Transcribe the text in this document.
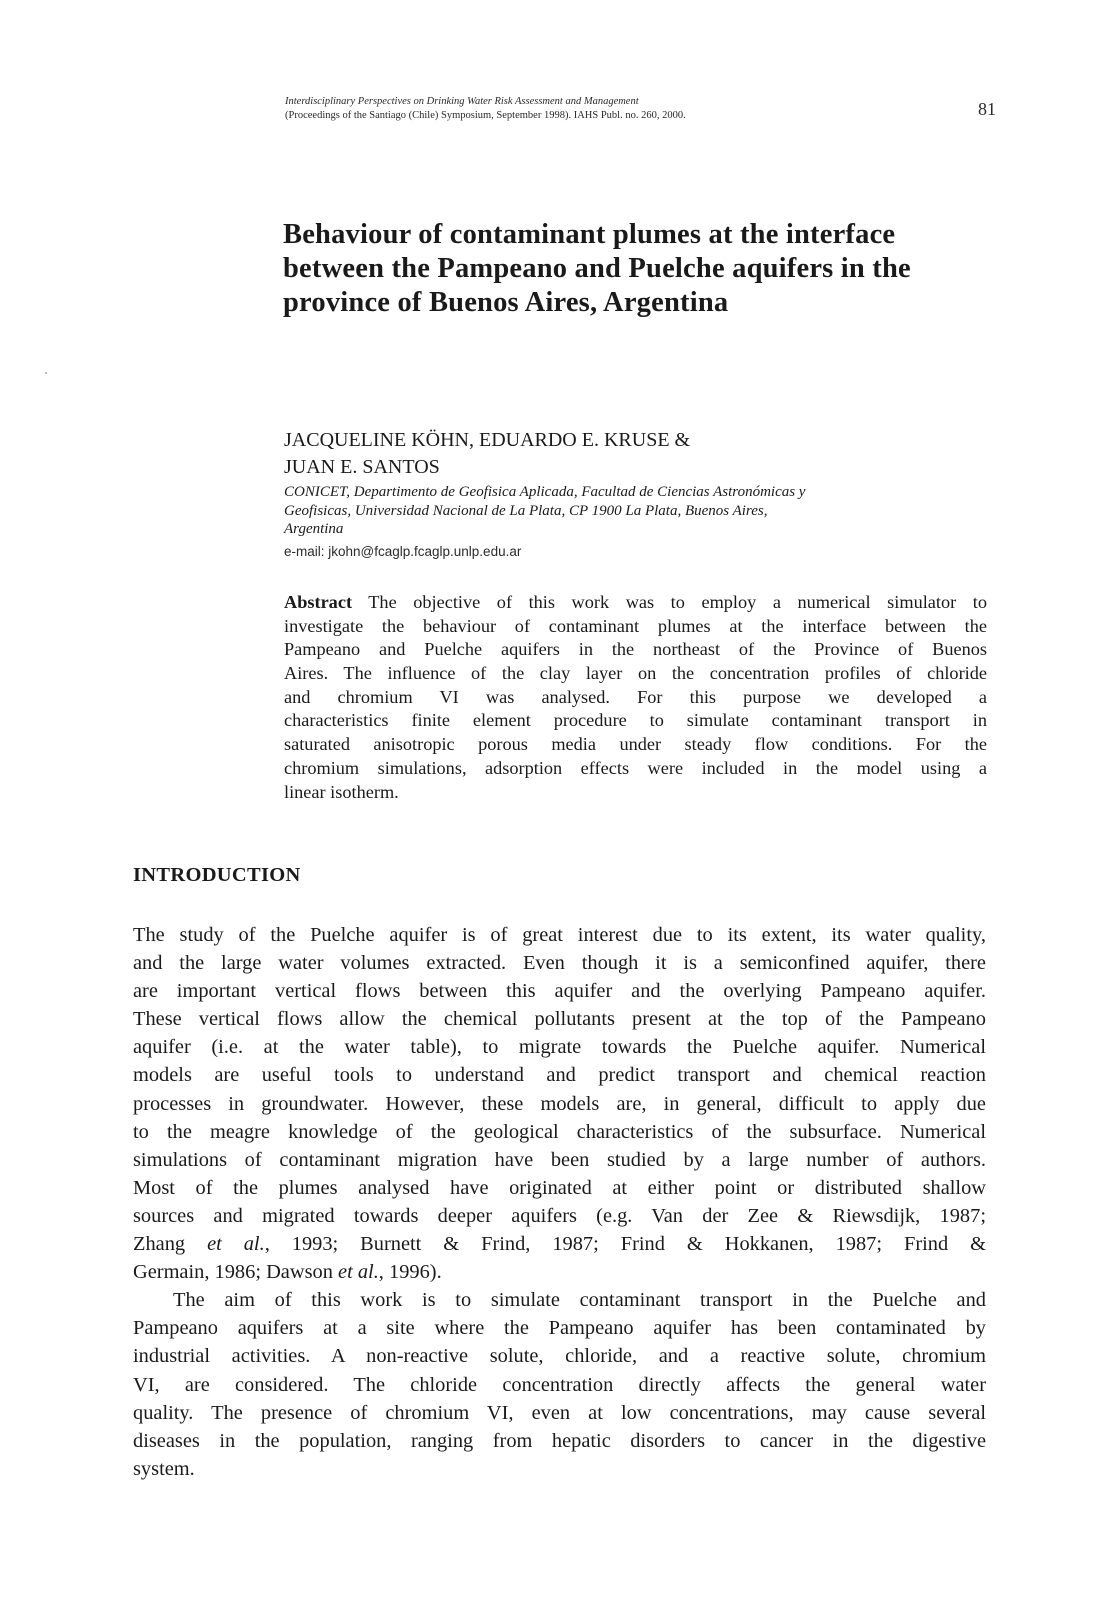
Interdisciplinary Perspectives on Drinking Water Risk Assessment and Management
(Proceedings of the Santiago (Chile) Symposium, September 1998). IAHS Publ. no. 260, 2000.	81
Behaviour of contaminant plumes at the interface
between the Pampeano and Puelche aquifers in the
province of Buenos Aires, Argentina
JACQUELINE KÖHN, EDUARDO E. KRUSE &
JUAN E. SANTOS
CONICET, Departimento de Geofisica Aplicada, Facultad de Ciencias Astronómicas y
Geofisicas, Universidad Nacional de La Plata, CP 1900 La Plata, Buenos Aires,
Argentina
e-mail: jkohn@fcaglp.fcaglp.unlp.edu.ar
Abstract The objective of this work was to employ a numerical simulator to
investigate the behaviour of contaminant plumes at the interface between the
Pampeano and Puelche aquifers in the northeast of the Province of Buenos
Aires. The influence of the clay layer on the concentration profiles of chloride
and chromium VI was analysed. For this purpose we developed a
characteristics finite element procedure to simulate contaminant transport in
saturated anisotropic porous media under steady flow conditions. For the
chromium simulations, adsorption effects were included in the model using a
linear isotherm.
INTRODUCTION
The study of the Puelche aquifer is of great interest due to its extent, its water quality,
and the large water volumes extracted. Even though it is a semiconfined aquifer, there
are important vertical flows between this aquifer and the overlying Pampeano aquifer.
These vertical flows allow the chemical pollutants present at the top of the Pampeano
aquifer (i.e. at the water table), to migrate towards the Puelche aquifer. Numerical
models are useful tools to understand and predict transport and chemical reaction
processes in groundwater. However, these models are, in general, difficult to apply due
to the meagre knowledge of the geological characteristics of the subsurface. Numerical
simulations of contaminant migration have been studied by a large number of authors.
Most of the plumes analysed have originated at either point or distributed shallow
sources and migrated towards deeper aquifers (e.g. Van der Zee & Riewsdijk, 1987;
Zhang et al., 1993; Burnett & Frind, 1987; Frind & Hokkanen, 1987; Frind &
Germain, 1986; Dawson et al., 1996).
The aim of this work is to simulate contaminant transport in the Puelche and
Pampeano aquifers at a site where the Pampeano aquifer has been contaminated by
industrial activities. A non-reactive solute, chloride, and a reactive solute, chromium
VI, are considered. The chloride concentration directly affects the general water
quality. The presence of chromium VI, even at low concentrations, may cause several
diseases in the population, ranging from hepatic disorders to cancer in the digestive
system.
